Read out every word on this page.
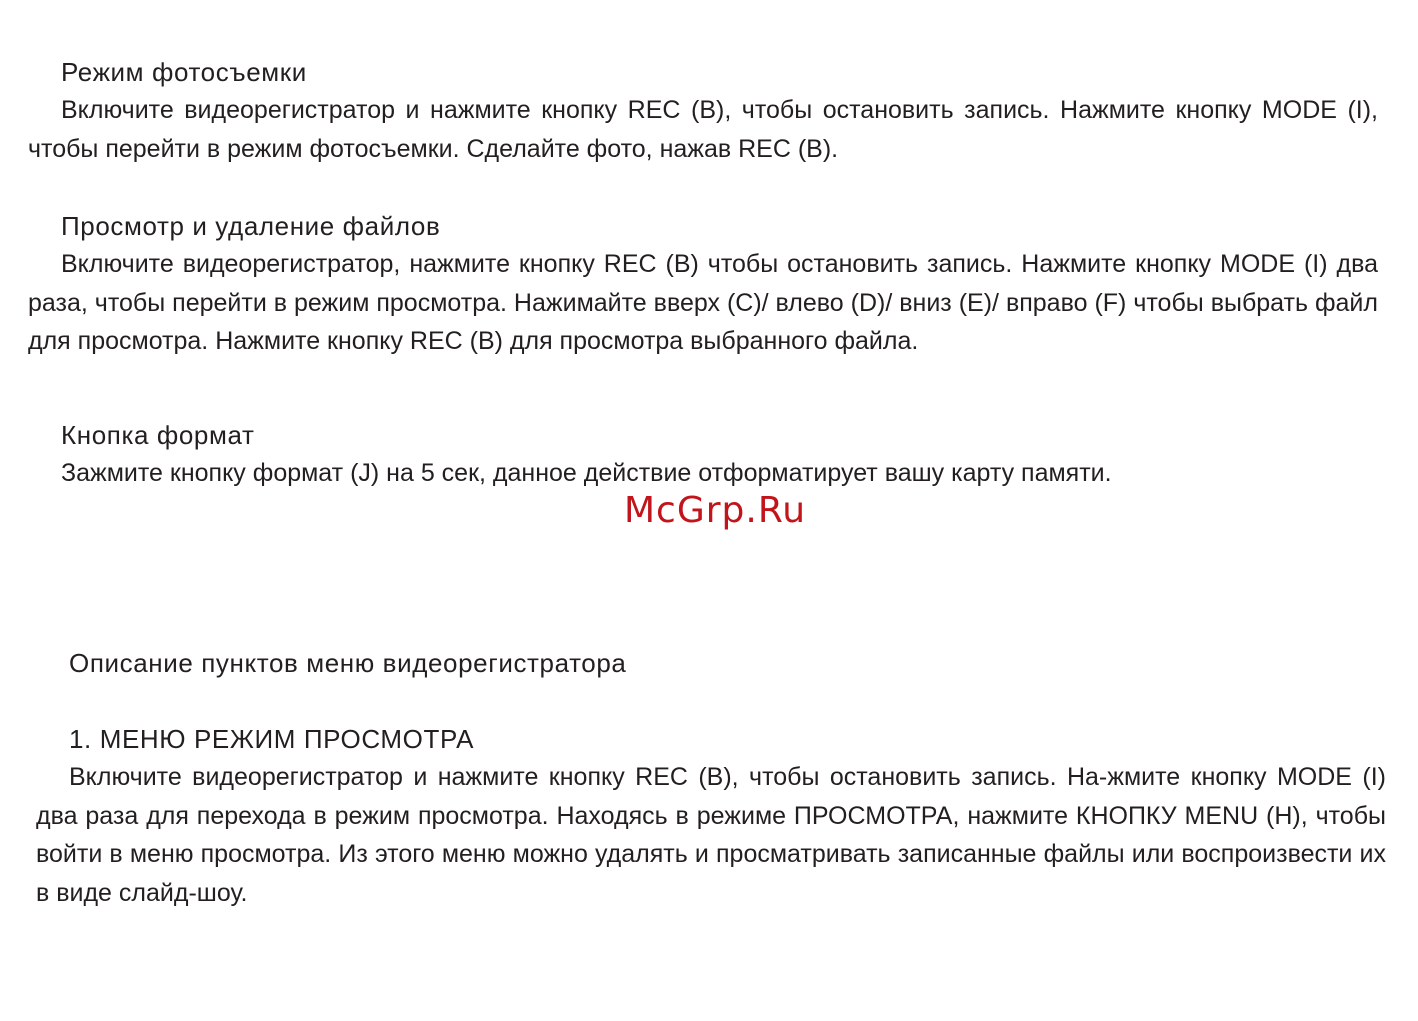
Режим фотосъемки
Включите видеорегистратор и нажмите кнопку REC (B), чтобы остановить запись. Нажмите кнопку MODE (I), чтобы перейти в режим фотосъемки. Сделайте фото, нажав REC (B).
Просмотр и удаление файлов
Включите видеорегистратор, нажмите кнопку REC (B) чтобы остановить запись. Нажмите кнопку MODE (I) два раза, чтобы перейти в режим просмотра. Нажимайте вверх (C)/ влево (D)/ вниз (E)/ вправо (F) чтобы выбрать файл для просмотра. Нажмите кнопку REC (B) для просмотра выбранного файла.
Кнопка формат
Зажмите кнопку формат (J) на 5 сек, данное действие отформатирует вашу карту памяти.
McGrp.Ru
Описание пунктов меню видеорегистратора
1. МЕНЮ РЕЖИМ ПРОСМОТРА
Включите видеорегистратор и нажмите кнопку REC (B), чтобы остановить запись. На-жмите кнопку MODE (I) два раза для перехода в режим просмотра. Находясь в режиме ПРОСМОТРА, нажмите КНОПКУ MENU (H), чтобы войти в меню просмотра. Из этого меню можно удалять и просматривать записанные файлы или воспроизвести их в виде слайд-шоу.
